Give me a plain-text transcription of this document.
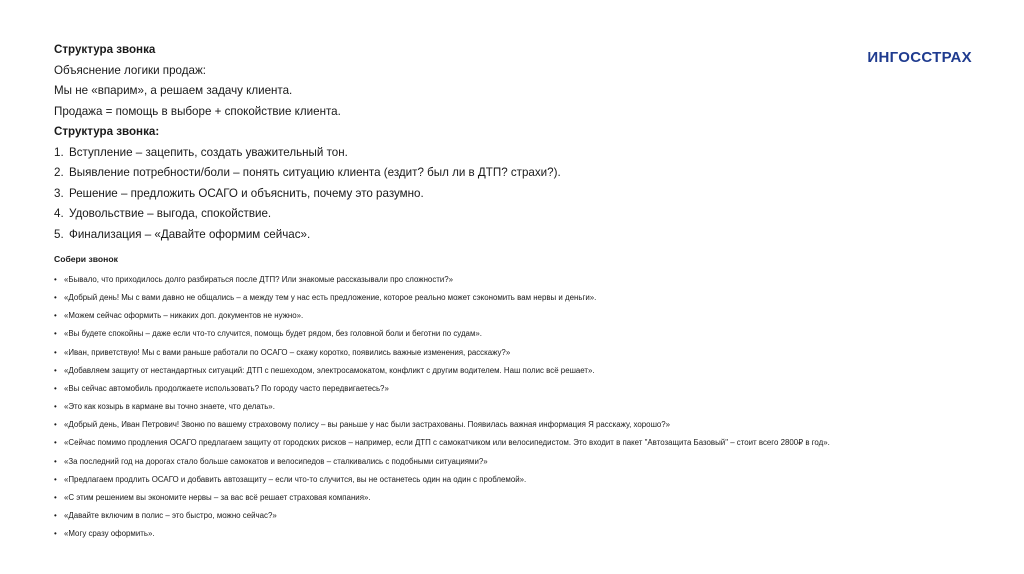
ИНГОССТРАХ
Структура звонка
Объяснение логики продаж:
Мы не «впарим», а решаем задачу клиента.
Продажа = помощь в выборе + спокойствие клиента.
Структура звонка:
1. Вступление – зацепить, создать уважительный тон.
2. Выявление потребности/боли – понять ситуацию клиента (ездит? был ли в ДТП? страхи?).
3. Решение – предложить ОСАГО и объяснить, почему это разумно.
4. Удовольствие – выгода, спокойствие.
5. Финализация – «Давайте оформим сейчас».
Собери звонок
• «Бывало, что приходилось долго разбираться после ДТП? Или знакомые рассказывали про сложности?»
• «Добрый день! Мы с вами давно не общались – а между тем у нас есть предложение, которое реально может сэкономить вам нервы и деньги».
• «Можем сейчас оформить – никаких доп. документов не нужно».
• «Вы будете спокойны – даже если что-то случится, помощь будет рядом, без головной боли и беготни по судам».
• «Иван, приветствую! Мы с вами раньше работали по ОСАГО – скажу коротко, появились важные изменения, расскажу?»
• «Добавляем защиту от нестандартных ситуаций: ДТП с пешеходом, электросамокатом, конфликт с другим водителем. Наш полис всё решает».
• «Вы сейчас автомобиль продолжаете использовать? По городу часто передвигаетесь?»
• «Это как козырь в кармане вы точно знаете, что делать».
• «Добрый день, Иван Петрович! Звоню по вашему страховому полису – вы раньше у нас были застрахованы. Появилась важная информация Я расскажу, хорошо?»
• «Сейчас помимо продления ОСАГО предлагаем защиту от городских рисков – например, если ДТП с самокатчиком или велосипедистом. Это входит в пакет "Автозащита Базовый" – стоит всего 2800₽ в год».
• «За последний год на дорогах стало больше самокатов и велосипедов – сталкивались с подобными ситуациями?»
• «Предлагаем продлить ОСАГО и добавить автозащиту – если что-то случится, вы не останетесь один на один с проблемой».
• «С этим решением вы экономите нервы – за вас всё решает страховая компания».
• «Давайте включим в полис – это быстро, можно сейчас?»
• «Могу сразу оформить».
